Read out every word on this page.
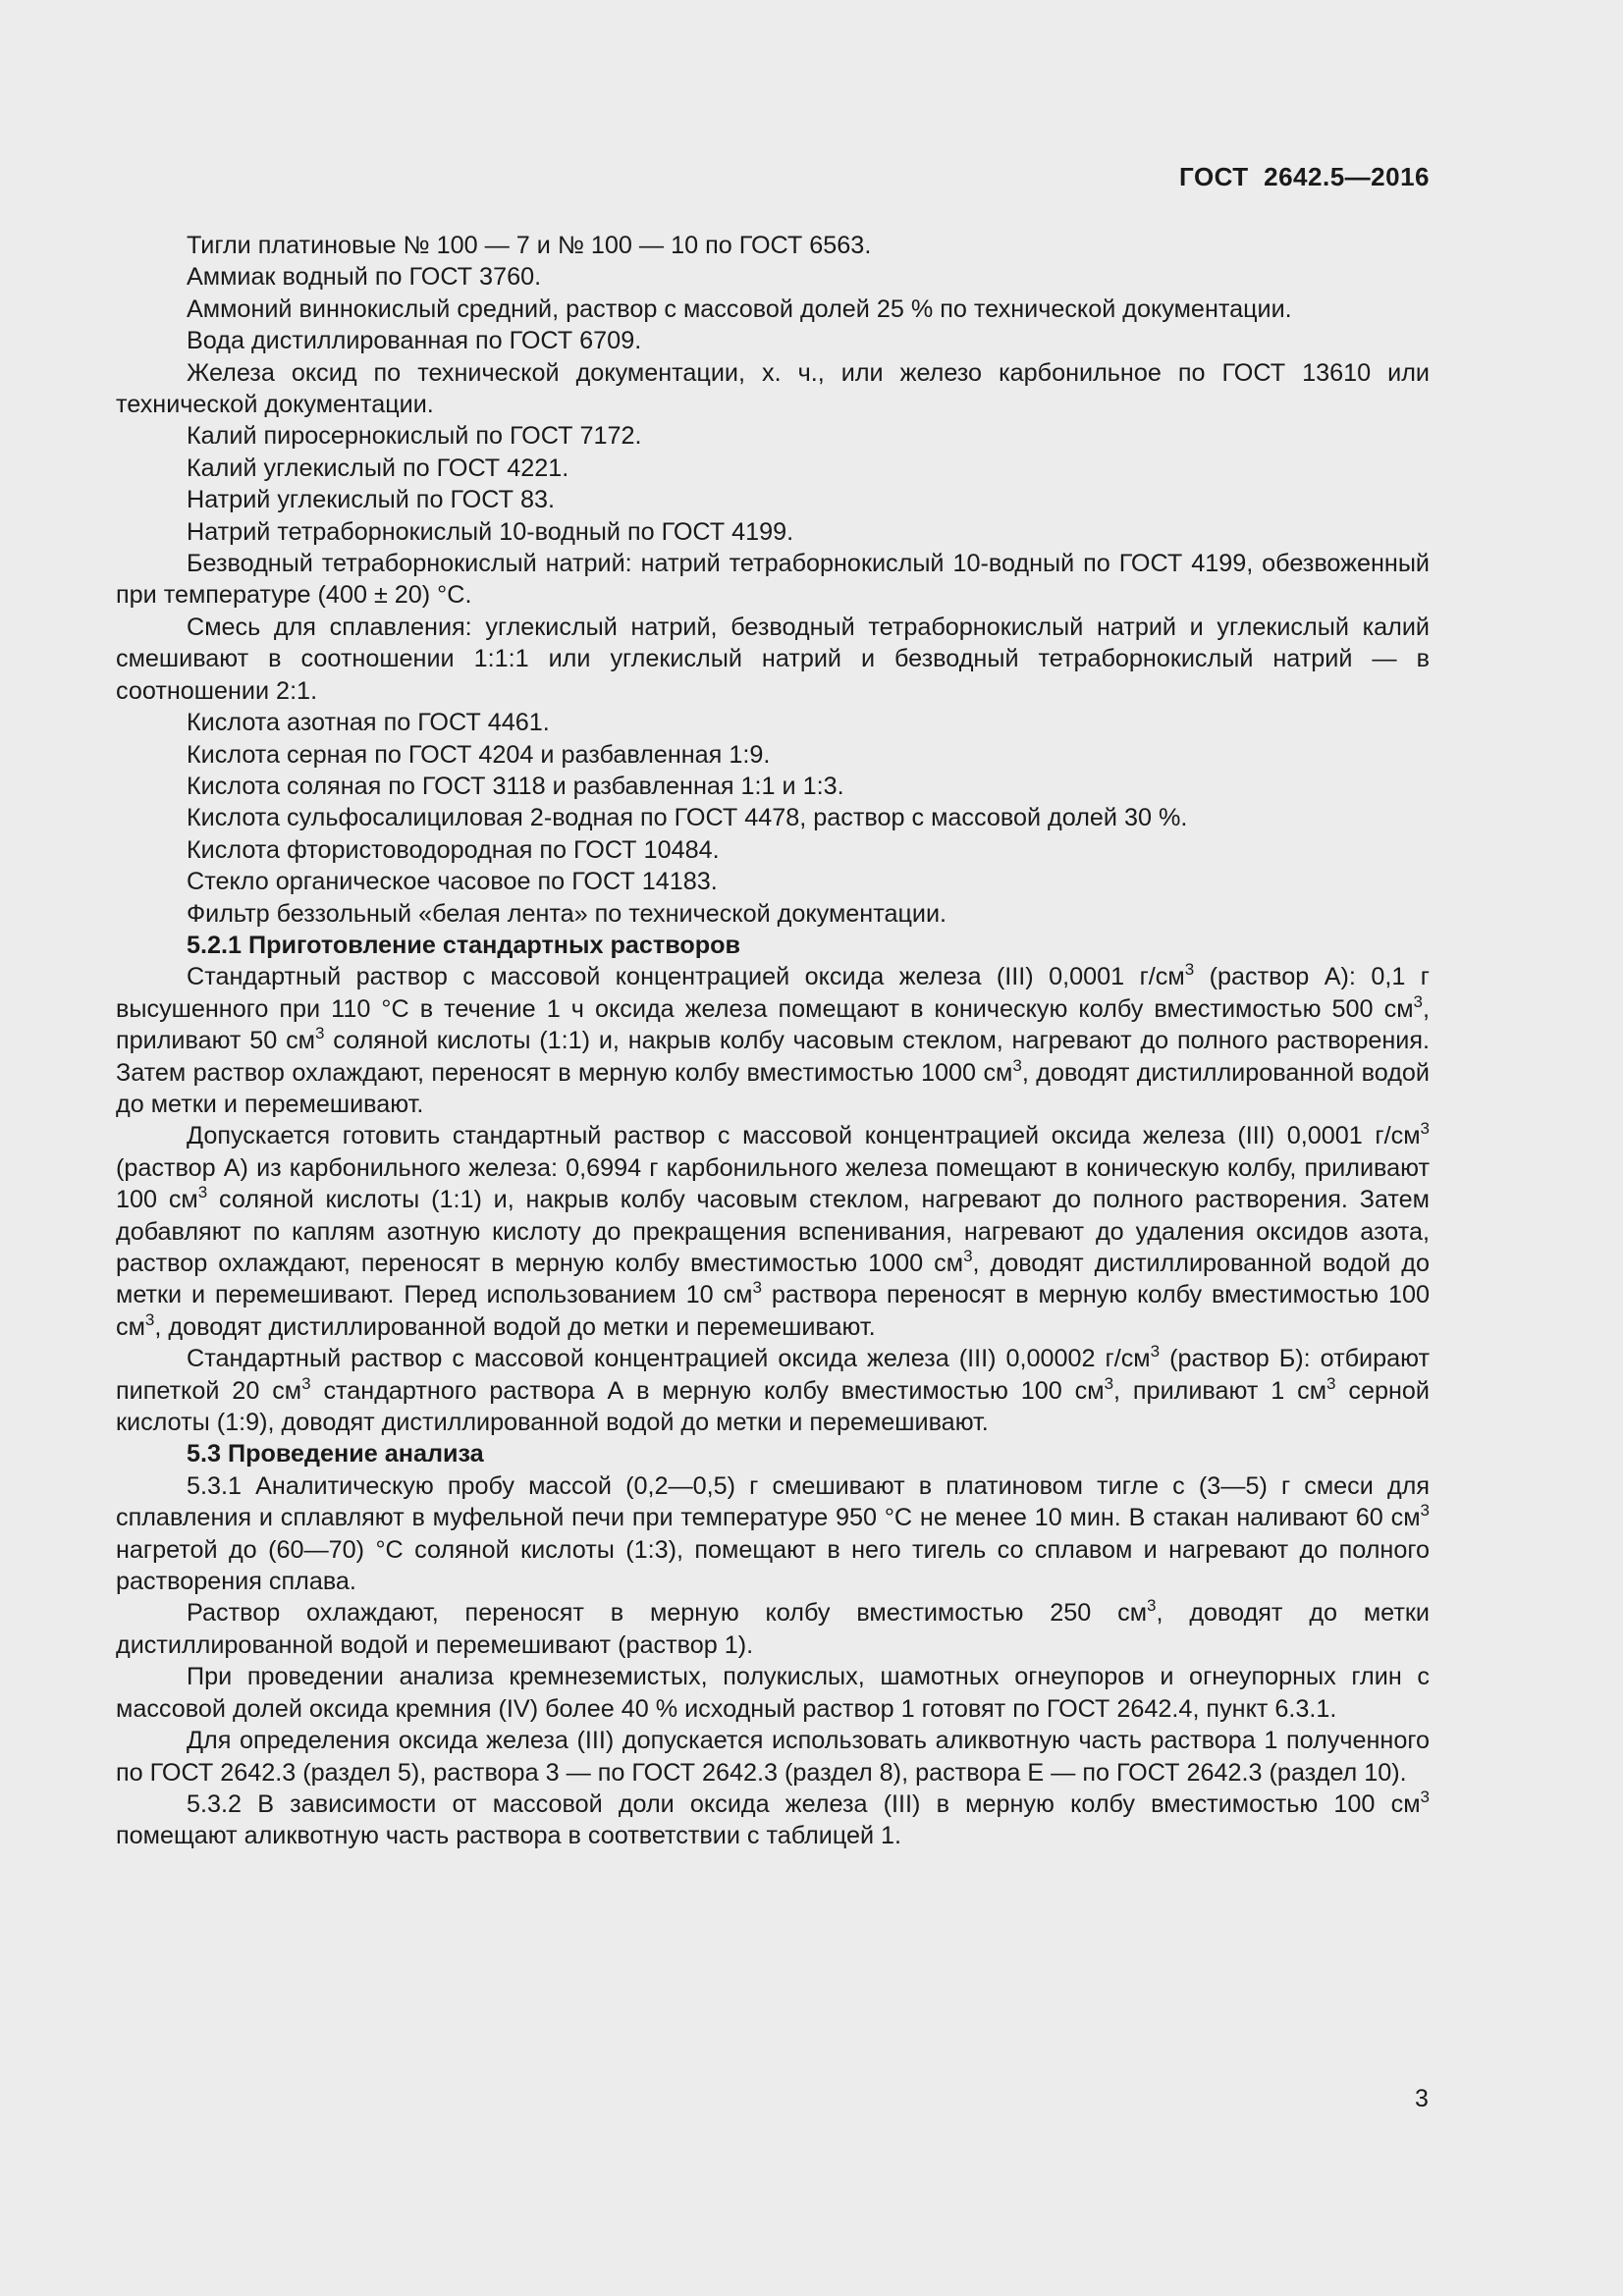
ГОСТ  2642.5—2016

Тигли платиновые № 100 — 7 и № 100 — 10 по ГОСТ 6563.

Аммиак водный по ГОСТ 3760.

Аммоний виннокислый средний, раствор с массовой долей 25 % по технической документации.

Вода дистиллированная по ГОСТ 6709.

Железа оксид по технической документации, х. ч., или железо карбонильное по ГОСТ 13610 или технической документации.

Калий пиросернокислый по ГОСТ 7172.

Калий углекислый по ГОСТ 4221.

Натрий углекислый по ГОСТ 83.

Натрий тетраборнокислый 10-водный по ГОСТ 4199.

Безводный тетраборнокислый натрий: натрий тетраборнокислый 10-водный по ГОСТ 4199, обезвоженный при температуре (400 ± 20) °С.

Смесь для сплавления: углекислый натрий, безводный тетраборнокислый натрий и углекислый калий смешивают в соотношении 1:1:1 или углекислый натрий и безводный тетраборнокислый натрий — в соотношении 2:1.

Кислота азотная по ГОСТ 4461.

Кислота серная по ГОСТ 4204 и разбавленная 1:9.

Кислота соляная по ГОСТ 3118 и разбавленная 1:1 и 1:3.

Кислота сульфосалициловая 2-водная по ГОСТ 4478, раствор с массовой долей 30 %.

Кислота фтористоводородная по ГОСТ 10484.

Стекло органическое часовое по ГОСТ 14183.

Фильтр беззольный «белая лента» по технической документации.

5.2.1 Приготовление стандартных растворов

Стандартный раствор с массовой концентрацией оксида железа (III) 0,0001 $г/см^3$ (раствор А): 0,1 г высушенного при 110 °С в течение 1 ч оксида железа помещают в коническую колбу вместимостью 500 $см^3$, приливают 50 $см^3$ соляной кислоты (1:1) и, накрыв колбу часовым стеклом, нагревают до полного растворения. Затем раствор охлаждают, переносят в мерную колбу вместимостью 1000 $см^3$, доводят дистиллированной водой до метки и перемешивают.

Допускается готовить стандартный раствор с массовой концентрацией оксида железа (III) 0,0001 $г/см^3$ (раствор А) из карбонильного железа: 0,6994 г карбонильного железа помещают в коническую колбу, приливают 100 $см^3$ соляной кислоты (1:1) и, накрыв колбу часовым стеклом, нагревают до полного растворения. Затем добавляют по каплям азотную кислоту до прекращения вспенивания, нагревают до удаления оксидов азота, раствор охлаждают, переносят в мерную колбу вместимостью 1000 $см^3$, доводят дистиллированной водой до метки и перемешивают. Перед использованием 10 $см^3$ раствора переносят в мерную колбу вместимостью 100 $см^3$, доводят дистиллированной водой до метки и перемешивают.

Стандартный раствор с массовой концентрацией оксида железа (III) 0,00002 $г/см^3$ (раствор Б): отбирают пипеткой 20 $см^3$ стандартного раствора А в мерную колбу вместимостью 100 $см^3$, приливают 1 $см^3$ серной кислоты (1:9), доводят дистиллированной водой до метки и перемешивают.

5.3 Проведение анализа

5.3.1 Аналитическую пробу массой (0,2—0,5) г смешивают в платиновом тигле с (3—5) г смеси для сплавления и сплавляют в муфельной печи при температуре 950 °С не менее 10 мин. В стакан наливают 60 $см^3$ нагретой до (60—70) °С соляной кислоты (1:3), помещают в него тигель со сплавом и нагревают до полного растворения сплава.

Раствор охлаждают, переносят в мерную колбу вместимостью 250 $см^3$, доводят до метки дистиллированной водой и перемешивают (раствор 1).

При проведении анализа кремнеземистых, полукислых, шамотных огнеупоров и огнеупорных глин с массовой долей оксида кремния (IV) более 40 % исходный раствор 1 готовят по ГОСТ 2642.4, пункт 6.3.1.

Для определения оксида железа (III) допускается использовать аликвотную часть раствора 1 полученного по ГОСТ 2642.3 (раздел 5), раствора 3 — по ГОСТ 2642.3 (раздел 8), раствора Е — по ГОСТ 2642.3 (раздел 10).

5.3.2 В зависимости от массовой доли оксида железа (III) в мерную колбу вместимостью 100 $см^3$ помещают аликвотную часть раствора в соответствии с таблицей 1.

3
